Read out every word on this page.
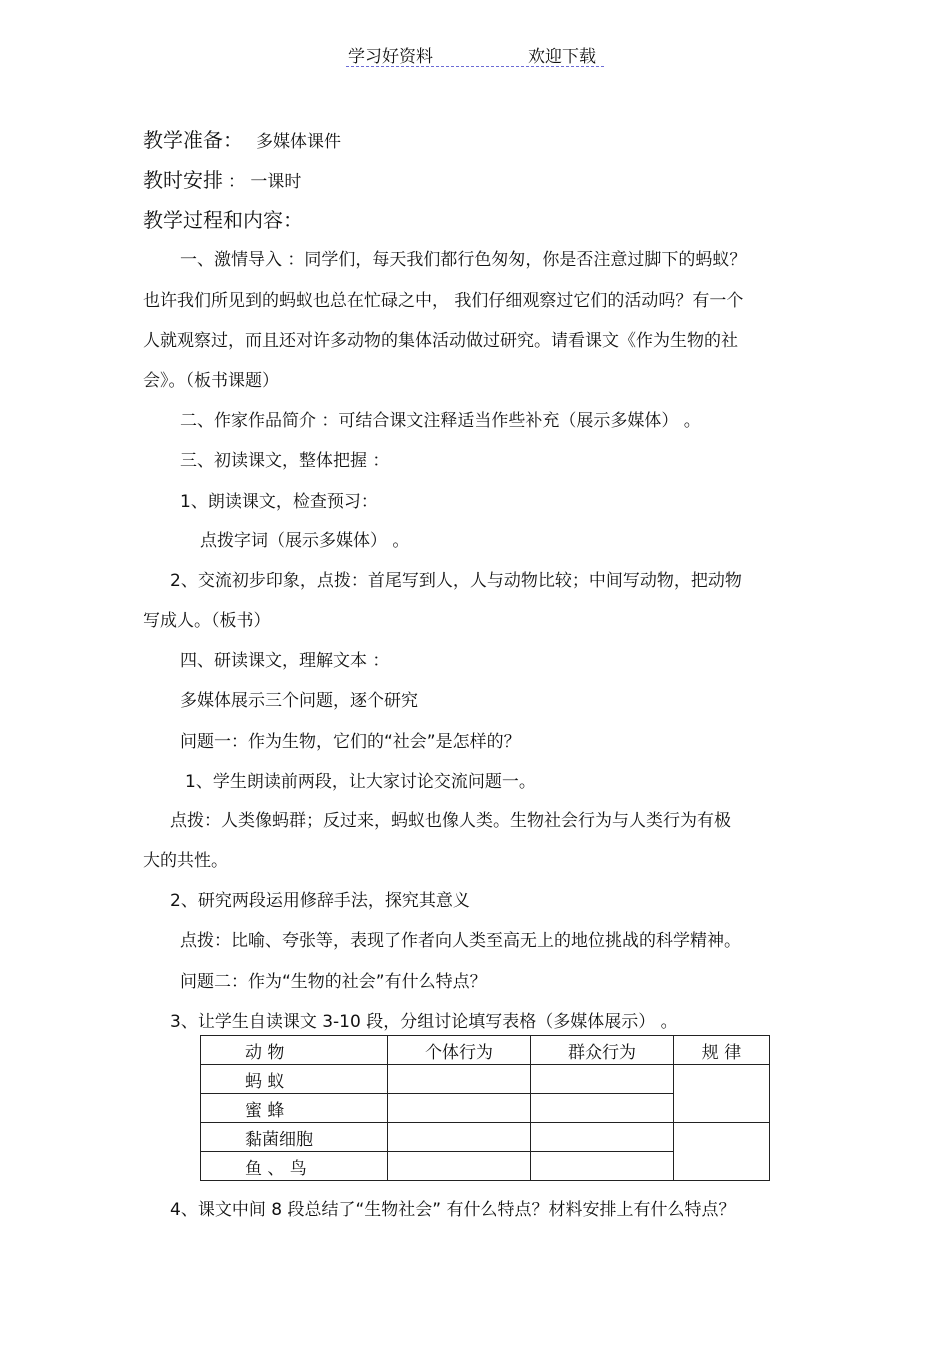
学习好资料	欢迎下载
教学准备： 多媒体课件
教时安排 ： 一课时
教学过程和内容：
一、激情导入 ：同学们，每天我们都行色匆匆，你是否注意过脚下的蚂蚁？
也许我们所见到的蚂蚁也总在忙碌之中， 我们仔细观察过它们的活动吗？有一个
人就观察过，而且还对许多动物的集体活动做过研究。请看课文《作为生物的社
会》。（板书课题）
二、作家作品简介 ：可结合课文注释适当作些补充（展示多媒体） 。
三、初读课文，整体把握 ：
1、朗读课文，检查预习：
点拨字词（展示多媒体） 。
2、交流初步印象，点拨：首尾写到人，人与动物比较；中间写动物，把动物
写成人。（板书）
四、研读课文，理解文本 ：
多媒体展示三个问题，逐个研究
问题一：作为生物，它们的“社会”是怎样的？
1、学生朗读前两段，让大家讨论交流问题一。
点拨：人类像蚂群；反过来，蚂蚁也像人类。生物社会行为与人类行为有极
大的共性。
2、研究两段运用修辞手法，探究其意义
点拨：比喻、夸张等，表现了作者向人类至高无上的地位挑战的科学精神。
问题二：作为“生物的社会”有什么特点？
3、让学生自读课文 3-10 段，分组讨论填写表格（多媒体展示） 。
动 物	个体行为	群众行为	规 律
蚂 蚁			
蜜 蜂			
黏菌细胞			
鱼 、 鸟			
4、课文中间 8 段总结了“生物社会” 有什么特点？材料安排上有什么特点？
